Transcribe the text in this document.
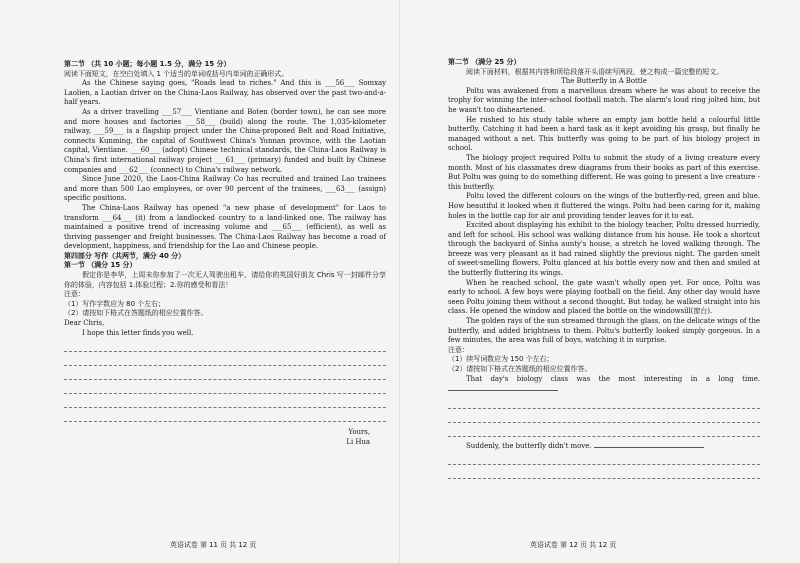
第二节 （共 10 小题；每小题 1.5 分，满分 15 分）

阅读下面短文，在空白处填入 1 个适当的单词或括号内单词的正确形式。

As the Chinese saying goes, "Roads lead to riches." And this is ___56___ Somxay Laolien, a Laotian driver on the China-Laos Railway, has observed over the past two-and-a-half years.

As a driver travelling ___57___ Vientiane and Boten (border town), he can see more and more houses and factories ___58___ (build) along the route. The 1,035-kilometer railway, ___59___ is a flagship project under the China-proposed Belt and Road Initiative, connects Kunming, the capital of Southwest China's Yunnan province, with the Laotian capital, Vientiane. ___60___ (adopt) Chinese technical standards, the China-Laos Railway is China's first international railway project ___61___ (primary) funded and built by Chinese companies and ___62___ (connect) to China's railway network.

Since June 2020, the Laos-China Railway Co has recruited and trained Lao trainees and more than 500 Lao employees, or over 90 percent of the trainees, ___63___ (assign) specific positions.

The China-Laos Railway has opened "a new phase of development" for Laos to transform ___64___ (it) from a landlocked country to a land-linked one. The railway has maintained a positive trend of increasing volume and ___65___ (efficient), as well as thriving passenger and freight businesses. The China-Laos Railway has become a road of development, happiness, and friendship for the Lao and Chinese people.

第四部分 写作（共两节，满分 40 分）

第一节 （满分 15 分）

假定你是李华，上周末你参加了一次无人驾驶出租车，请给你的英国好朋友 Chris 写一封邮件分享你的体验，内容包括 1.体验过程；2.你的感受和看法！

注意：

（1）写作字数应为 80 个左右；

（2）请按如下格式在答题纸的相应位置作答。

Dear Chris,

I hope this letter finds you well.

Yours,

Li Hua

英语试卷 第 11 页 共 12 页

第二节 （满分 25 分）

阅读下面材料，根据其内容和所给段落开头语续写两段，使之构成一篇完整的短文。

The Butterfly in A Bottle

Poltu was awakened from a marvellous dream where he was about to receive the trophy for winning the inter-school football match. The alarm's loud ring jolted him, but he wasn't too disheartened.

He rushed to his study table where an empty jam bottle held a colourful little butterfly. Catching it had been a hard task as it kept avoiding his grasp, but finally he managed without a net. This butterfly was going to be part of his biology project in school.

The biology project required Poltu to submit the study of a living creature every month. Most of his classmates drew diagrams from their books as part of this exercise. But Poltu was going to do something different. He was going to present a live creature - this butterfly.

Poltu loved the different colours on the wings of the butterfly-red, green and blue. How beautiful it looked when it fluttered the wings. Poltu had been caring for it, making holes in the bottle cap for air and providing tender leaves for it to eat.

Excited about displaying his exhibit to the biology teacher, Poltu dressed hurriedly, and left for school. His school was walking distance from his house. He took a shortcut through the backyard of Sinha aunty's house, a stretch he loved walking through. The breeze was very pleasant as it had rained slightly the previous night. The garden smelt of sweet-smelling flowers. Poltu glanced at his bottle every now and then and smiled at the butterfly fluttering its wings.

When he reached school, the gate wasn't wholly open yet. For once, Poltu was early to school. A few boys were playing football on the field. Any other day would have seen Poltu joining them without a second thought. But today, he walked straight into his class. He opened the window and placed the bottle on the windowsill(窗台).

The golden rays of the sun streamed through the glass, on the delicate wings of the butterfly, and added brightness to them. Poltu's butterfly looked simply gorgeous. In a few minutes, the area was full of boys, watching it in surprise.

注意：

（1）续写词数应为 150 个左右；

（2）请按如下格式在答题纸的相应位置作答。

That day's biology class was the most interesting in a long time.

Suddenly, the butterfly didn't move.

英语试卷 第 12 页 共 12 页
